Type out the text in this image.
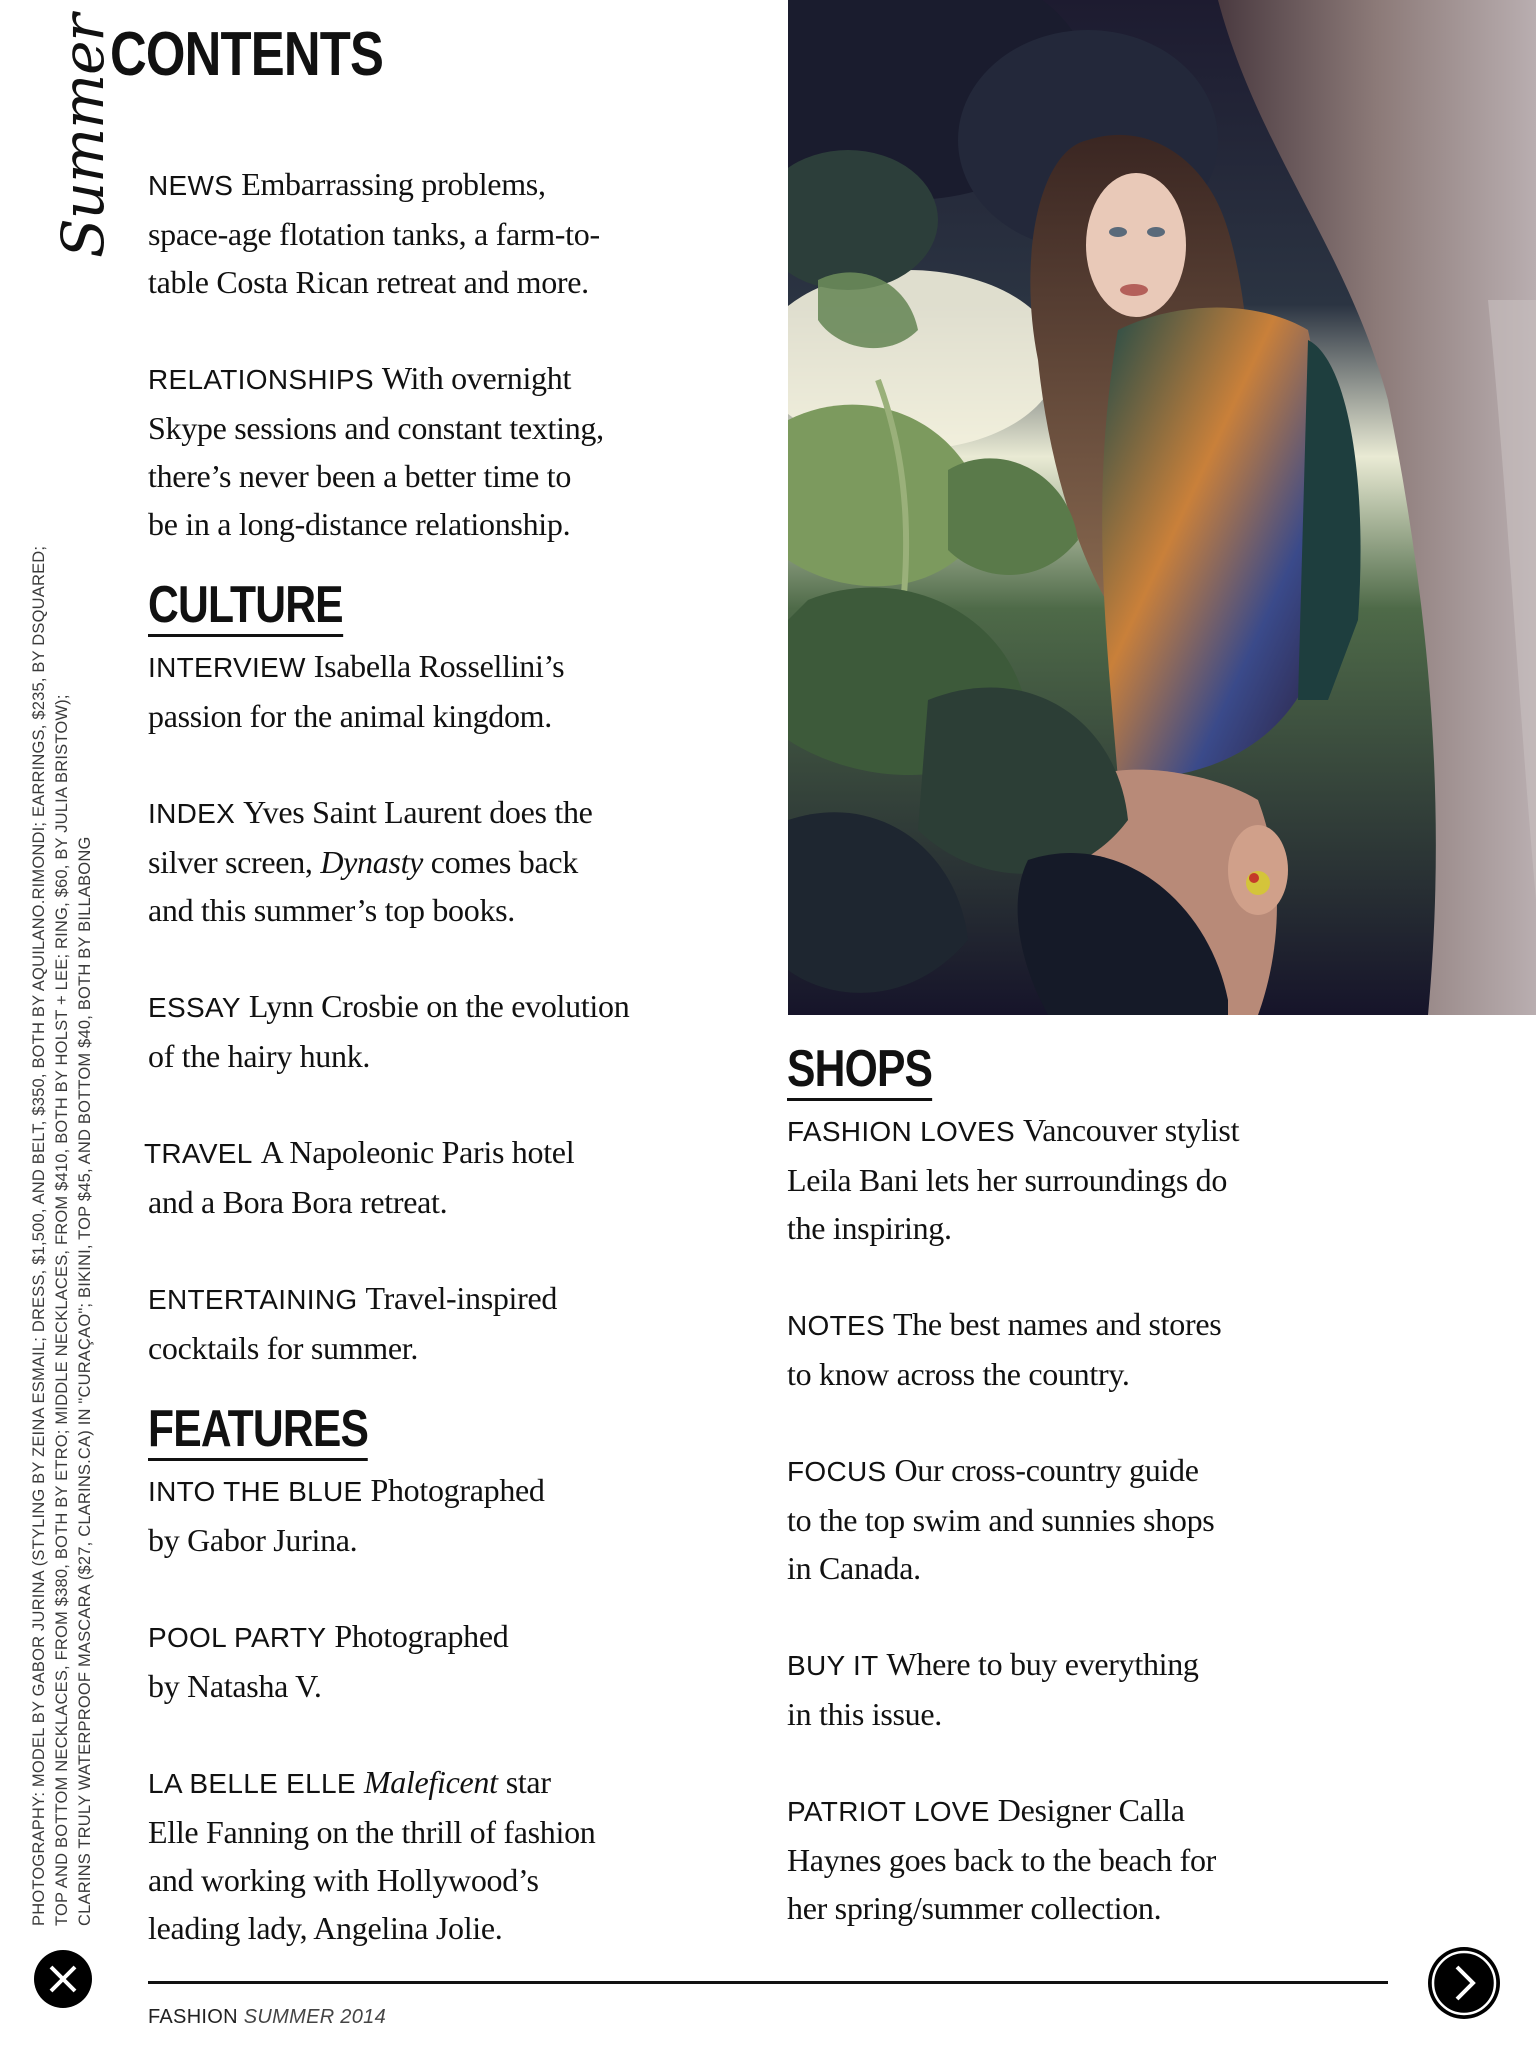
Summer
CONTENTS
PHOTOGRAPHY: MODEL BY GABOR JURINA (STYLING BY ZEINA ESMAIL; DRESS, $1,500, AND BELT, $350, BOTH BY AQUILANO.RIMONDI; EARRINGS, $235, BY DSQUARED; TOP AND BOTTOM NECKLACES, FROM $380, BOTH BY ETRO; MIDDLE NECKLACES, FROM $410, BOTH BY HOLST + LEE; RING, $60, BY JULIA BRISTOW); CLARINS TRULY WATERPROOF MASCARA ($27, CLARINS.CA) IN "CURAÇAO"; BIKINI, TOP $45, AND BOTTOM $40, BOTH BY BILLABONG
NEWS Embarrassing problems,
space-age flotation tanks, a farm-to-
table Costa Rican retreat and more.
RELATIONSHIPS With overnight
Skype sessions and constant texting,
there’s never been a better time to
be in a long-distance relationship.
CULTURE
INTERVIEW Isabella Rossellini’s
passion for the animal kingdom.
INDEX Yves Saint Laurent does the
silver screen, Dynasty comes back
and this summer’s top books.
ESSAY Lynn Crosbie on the evolution
of the hairy hunk.
TRAVEL A Napoleonic Paris hotel
and a Bora Bora retreat.
ENTERTAINING Travel-inspired
cocktails for summer.
FEATURES
INTO THE BLUE Photographed
by Gabor Jurina.
POOL PARTY Photographed
by Natasha V.
LA BELLE ELLE Maleficent star
Elle Fanning on the thrill of fashion
and working with Hollywood’s
leading lady, Angelina Jolie.
SHOPS
FASHION LOVES Vancouver stylist
Leila Bani lets her surroundings do
the inspiring.
NOTES The best names and stores
to know across the country.
FOCUS Our cross-country guide
to the top swim and sunnies shops
in Canada.
BUY IT Where to buy everything
in this issue.
PATRIOT LOVE Designer Calla
Haynes goes back to the beach for
her spring/summer collection.
FASHION SUMMER 2014
